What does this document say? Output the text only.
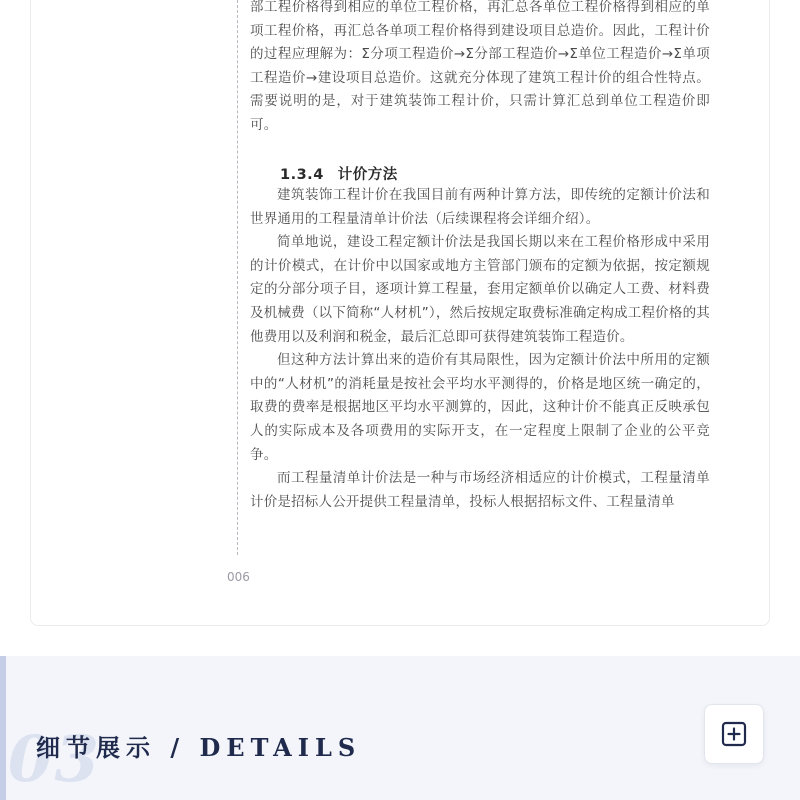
部工程价格得到相应的单位工程价格，再汇总各单位工程价格得到相应的单项工程价格，再汇总各单项工程价格得到建设项目总造价。因此，工程计价的过程应理解为：Σ分项工程造价→Σ分部工程造价→Σ单位工程造价→Σ单项工程造价→建设项目总造价。这就充分体现了建筑工程计价的组合性特点。需要说明的是，对于建筑装饰工程计价，只需计算汇总到单位工程造价即可。

1.3.4 计价方法

建筑装饰工程计价在我国目前有两种计算方法，即传统的定额计价法和世界通用的工程量清单计价法（后续课程将会详细介绍）。

简单地说，建设工程定额计价法是我国长期以来在工程价格形成中采用的计价模式，在计价中以国家或地方主管部门颁布的定额为依据，按定额规定的分部分项子目，逐项计算工程量，套用定额单价以确定人工费、材料费及机械费（以下简称“人材机”），然后按规定取费标准确定构成工程价格的其他费用以及利润和税金，最后汇总即可获得建筑装饰工程造价。

但这种方法计算出来的造价有其局限性，因为定额计价法中所用的定额中的“人材机”的消耗量是按社会平均水平测得的，价格是地区统一确定的，取费的费率是根据地区平均水平测算的，因此，这种计价不能真正反映承包人的实际成本及各项费用的实际开支，在一定程度上限制了企业的公平竞争。

而工程量清单计价法是一种与市场经济相适应的计价模式，工程量清单计价是招标人公开提供工程量清单，投标人根据招标文件、工程量清单

006
03
细节展示 / DETAILS
